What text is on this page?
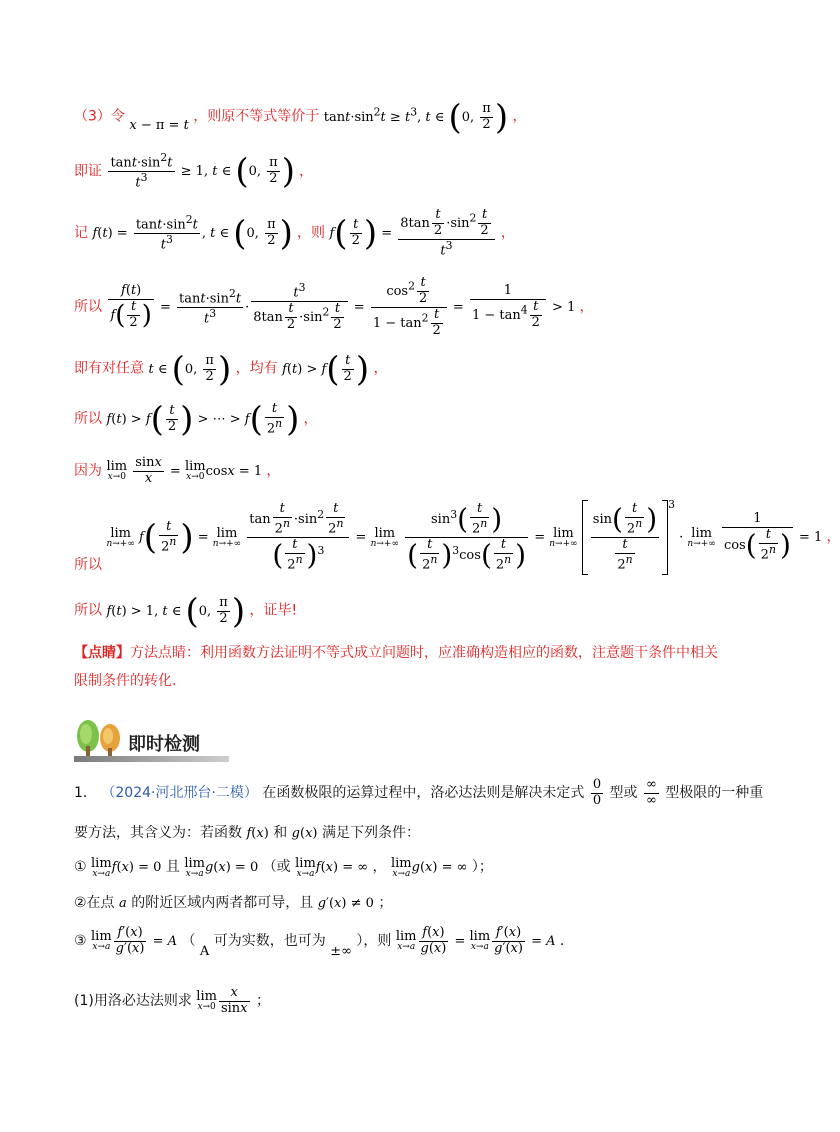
（3）令 x − π = t ，则原不等式等价于 $\tan t\cdot\sin^2t \ge t^3$, t ∈ (0, $\frac{\pi}{2}$ ) ，
即证 $\frac{\tan t\cdot\sin^2t}{t^3} \ge 1$, t ∈ (0, $\frac{\pi}{2}$ ) ，
记 $f(t) = \frac{\tan t\cdot\sin^2t}{t^3}$ , t ∈ (0, $\frac{\pi}{2}$ ) ，则 $f( \frac{t}{2}$ ) = $\frac{8\tan \frac{t}{2} \cdot\sin^2 \frac{t}{2}}{t^3}$ ，
所以 $\frac{f(t)}{f( \frac{t}{2} )} = \frac{\tan t\cdot\sin^2t}{t^3} \cdot \frac{t^3}{8\tan \frac{t}{2} \cdot\sin^2 \frac{t}{2}} = \frac{\cos^2 \frac{t}{2}}{1 - \tan^2 \frac{t}{2}} = \frac{1}{1 - \tan^4 \frac{t}{2}} > 1$ ，
即有对任意 t ∈ (0, $\frac{\pi}{2}$ ) ，均有 $f(t) > f( \frac{t}{2}$ ) ，
所以 $f(t) > f( \frac{t}{2}$ ) > ⋯ > $f( \frac{t}{2^n}$ ) ，
因为 lim
x→0
$\frac{\sin x}{x} = \lim$
x→0 cosx = 1 ，
所以 lim
n→+∞ $f( \frac{t}{2^n}$ ) = lim
n→+∞
$\frac{\tan \frac{t}{2^n} \cdot\sin^2 \frac{t}{2^n}}{( \frac{t}{2^n} )^3} = \lim$
n→+∞
$\frac{\sin^3( \frac{t}{2^n} )}{( \frac{t}{2^n} )^3\cos( \frac{t}{2^n} )} = \lim$
n→+∞
$\frac{\sin( \frac{t}{2^n} )}{\frac{t}{2^n}} ^3 \cdot \lim$
n→+∞
$\frac{1}{\cos( \frac{t}{2^n} )} = 1$ ，
所以 f(t) > 1, t ∈ (0, $\frac{\pi}{2}$ ) ，证毕!
【点睛】方法点睛：利用函数方法证明不等式成立问题时，应准确构造相应的函数，注意题干条件中相关
限制条件的转化.
即时检测
1． （2024·河北邢台·二模） 在函数极限的运算过程中，洛必达法则是解决未定式 $\frac{0}{0}$ 型或 $\frac{\infty}{\infty}$ 型极限的一种重
要方法，其含义为：若函数 f(x) 和 g(x) 满足下列条件：
① lim
x→a f(x) = 0 且 lim
x→a g(x) = 0 （或 lim
x→a f(x) = ∞ ， lim
x→a g(x) = ∞ ）；
②在点 a 的附近区域内两者都可导，且 g′(x) ≠ 0 ；
③ lim
$x\to a \frac{f'(x)}{g'(x)} = A$ （ A 可为实数，也可为 ±∞ ），则 lim
$x\to a \frac{f(x)}{g(x)} = \lim$
$x\to a \frac{f'(x)}{g'(x)} = A$ ．
(1)用洛必达法则求 lim
$x\to 0 \frac{x}{\sin x}$ ；
